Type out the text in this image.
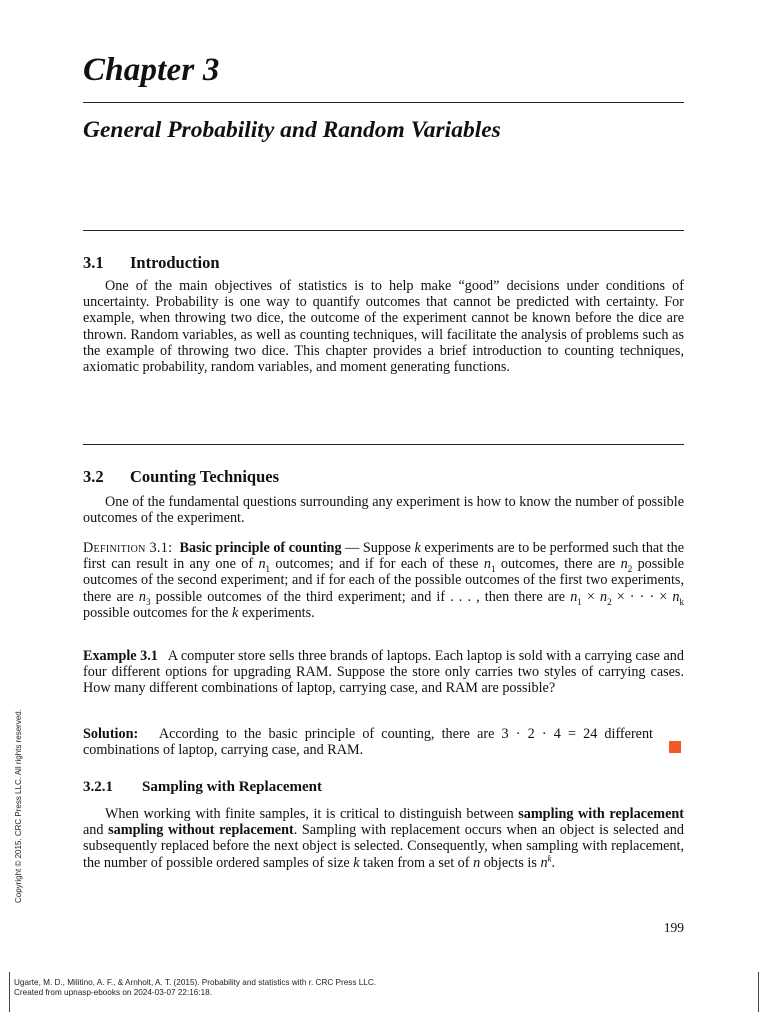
Chapter 3
General Probability and Random Variables
3.1 Introduction

One of the main objectives of statistics is to help make “good” decisions under conditions of uncertainty. Probability is one way to quantify outcomes that cannot be predicted with certainty. For example, when throwing two dice, the outcome of the experiment cannot be known before the dice are thrown. Random variables, as well as counting techniques, will facilitate the analysis of problems such as the example of throwing two dice. This chapter provides a brief introduction to counting techniques, axiomatic probability, random variables, and moment generating functions.

3.2 Counting Techniques

One of the fundamental questions surrounding any experiment is how to know the number of possible outcomes of the experiment.

Definition 3.1: Basic principle of counting — Suppose k experiments are to be performed such that the first can result in any one of $n_1$ outcomes; and if for each of these $n_1$ outcomes, there are $n_2$ possible outcomes of the second experiment; and if for each of the possible outcomes of the first two experiments, there are $n_3$ possible outcomes of the third experiment; and if . . . , then there are $n_1 \times n_2$ × · · · × $n_k$ possible outcomes for the k experiments.

Example 3.1 A computer store sells three brands of laptops. Each laptop is sold with a carrying case and four different options for upgrading RAM. Suppose the store only carries two styles of carrying cases. How many different combinations of laptop, carrying case, and RAM are possible?

Solution: According to the basic principle of counting, there are 3 · 2 · 4 = 24 different combinations of laptop, carrying case, and RAM.

3.2.1 Sampling with Replacement

When working with finite samples, it is critical to distinguish between sampling with replacement and sampling without replacement. Sampling with replacement occurs when an object is selected and subsequently replaced before the next object is selected. Consequently, when sampling with replacement, the number of possible ordered samples of size k taken from a set of n objects is $n^k$.

199
Copyright © 2015. CRC Press LLC. All rights reserved.
Ugarte, M. D., Militino, A. F., & Arnholt, A. T. (2015). Probability and statistics with r. CRC Press LLC.
Created from upnasp-ebooks on 2024-03-07 22:16:18.
